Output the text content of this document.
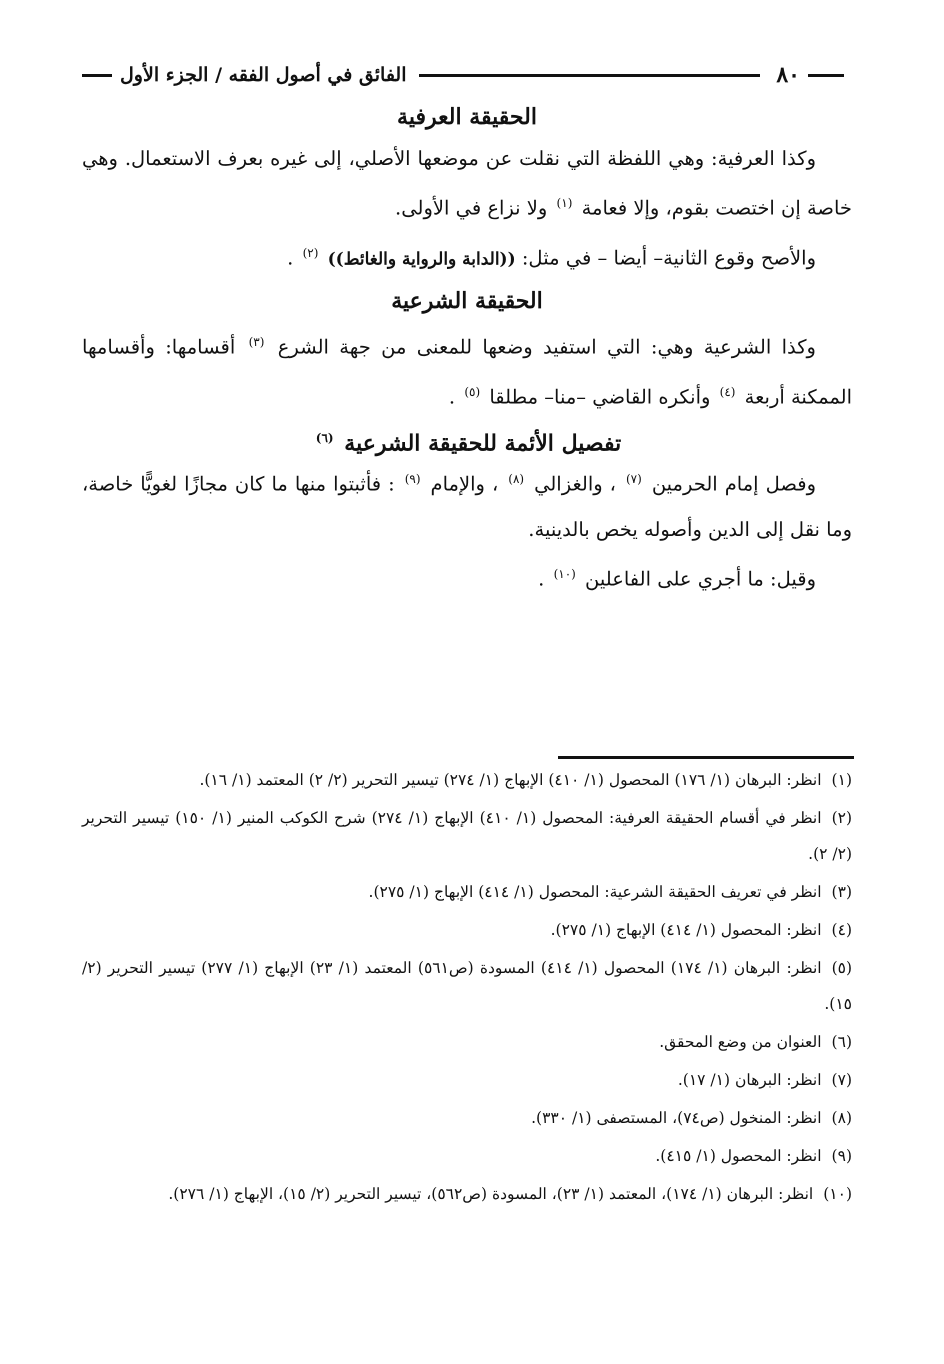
٨٠
الفائق في أصول الفقه / الجزء الأول
الحقيقة العرفية

وكذا العرفية: وهي اللفظة التي نقلت عن موضعها الأصلي، إلى غيره بعرف الاستعمال. وهي خاصة إن اختصت بقوم، وإلا فعامة $^{(١)}$ ولا نزاع في الأولى.

والأصح وقوع الثانية– أيضا – في مثل: ((الدابة والرواية والغائط)) $^{(٢)}$ .

الحقيقة الشرعية

وكذا الشرعية وهي: التي استفيد وضعها للمعنى من جهة الشرع $^{(٣)}$ أقسامها: وأقسامها الممكنة أربعة $^{(٤)}$ وأنكره القاضي –منا– مطلقا $^{(٥)}$ .

تفصيل الأئمة للحقيقة الشرعية $^{(٦)}$

وفصل إمام الحرمين $^{(٧)}$ ، والغزالي $^{(٨)}$ ، والإمام $^{(٩)}$ : فأثبتوا منها ما كان مجازًا لغويًّا خاصة، وما نقل إلى الدين وأصوله يخص بالدينية.

وقيل: ما أجري على الفاعلين $^{(١٠)}$ .

(١)انظر: البرهان (١/ ١٧٦) المحصول (١/ ٤١٠) الإبهاج (١/ ٢٧٤) تيسير التحرير (٢/ ٢) المعتمد (١/ ١٦).

(٢)انظر في أقسام الحقيقة العرفية: المحصول (١/ ٤١٠) الإبهاج (١/ ٢٧٤) شرح الكوكب المنير (١/ ١٥٠) تيسير التحرير (٢/ ٢).

(٣)انظر في تعريف الحقيقة الشرعية: المحصول (١/ ٤١٤) الإبهاج (١/ ٢٧٥).

(٤)انظر: المحصول (١/ ٤١٤) الإبهاج (١/ ٢٧٥).

(٥)انظر: البرهان (١/ ١٧٤) المحصول (١/ ٤١٤) المسودة (ص٥٦١) المعتمد (١/ ٢٣) الإبهاج (١/ ٢٧٧) تيسير التحرير (٢/ ١٥).

(٦)العنوان من وضع المحقق.

(٧)انظر: البرهان (١/ ١٧).

(٨)انظر: المنخول (ص٧٤)، المستصفى (١/ ٣٣٠).

(٩)انظر: المحصول (١/ ٤١٥).

(١٠)انظر: البرهان (١/ ١٧٤)، المعتمد (١/ ٢٣)، المسودة (ص٥٦٢)، تيسير التحرير (٢/ ١٥)، الإبهاج (١/ ٢٧٦).
